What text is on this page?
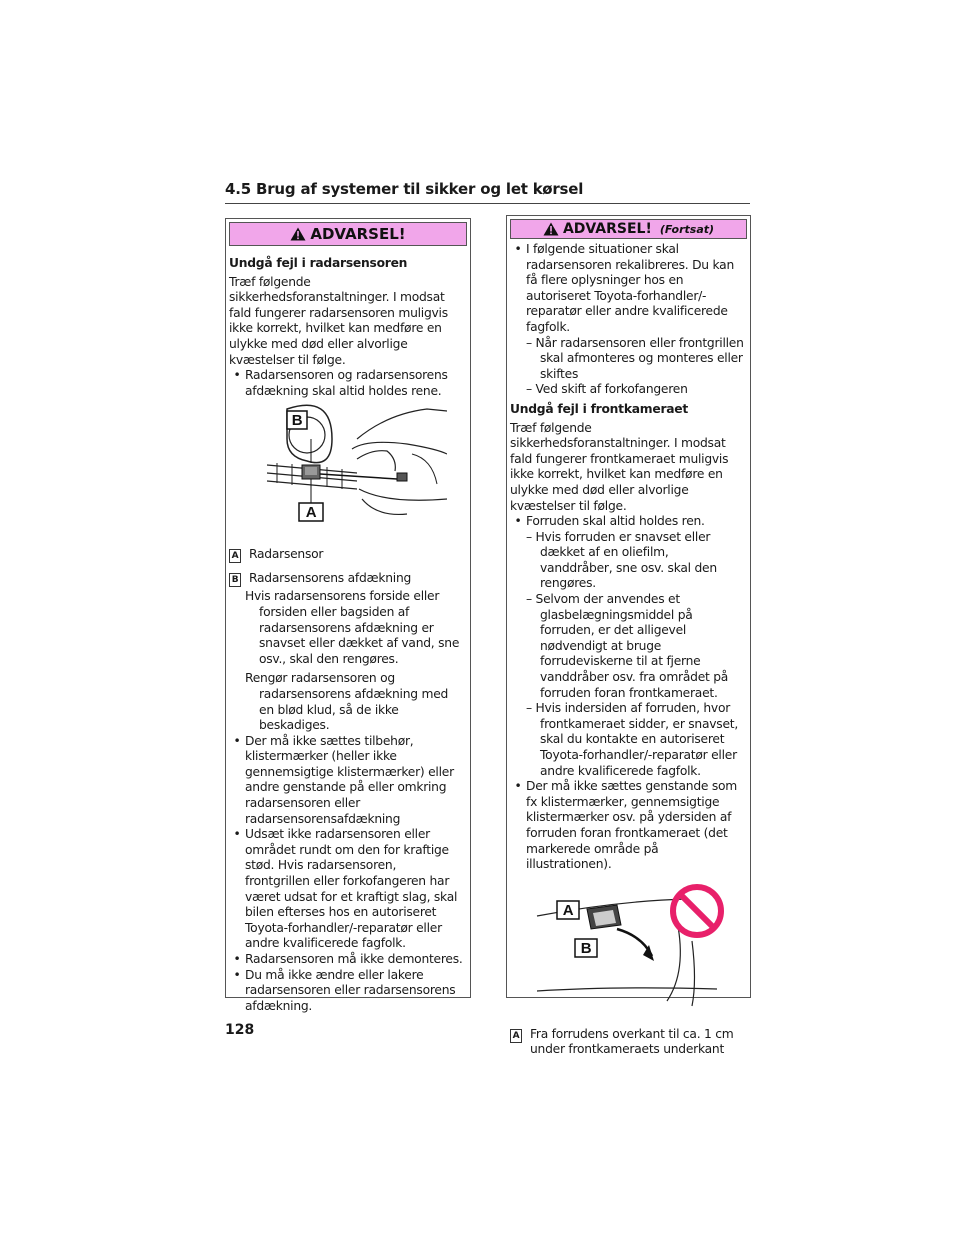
4.5 Brug af systemer til sikker og let kørsel
ADVARSEL!

Undgå fejl i radarsensoren

Træf følgende sikkerhedsforanstaltninger. I modsat fald fungerer radarsensoren muligvis ikke korrekt, hvilket kan medføre en ulykke med død eller alvorlige kvæstelser til følge.

• Radarsensoren og radarsensorens afdækning skal altid holdes rene.

B
A
A Radarsensor
B Radarsensorens afdækning

Hvis radarsensorens forside eller forsiden eller bagsiden af radarsensorens afdækning er snavset eller dækket af vand, sne osv., skal den rengøres.

Rengør radarsensoren og radarsensorens afdækning med en blød klud, så de ikke beskadiges.

• Der må ikke sættes tilbehør, klistermærker (heller ikke gennemsigtige klistermærker) eller andre genstande på eller omkring radarsensoren eller radarsensorensafdækning

• Udsæt ikke radarsensoren eller området rundt om den for kraftige stød. Hvis radarsensoren, frontgrillen eller forkofangeren har været udsat for et kraftigt slag, skal bilen efterses hos en autoriseret Toyota-forhandler/-reparatør eller andre kvalificerede fagfolk.

• Radarsensoren må ikke demonteres.

• Du må ikke ændre eller lakere radarsensoren eller radarsensorens afdækning.

ADVARSEL! (Fortsat)

• I følgende situationer skal radarsensoren rekalibreres. Du kan få flere oplysninger hos en autoriseret Toyota-forhandler/-reparatør eller andre kvalificerede fagfolk.

– Når radarsensoren eller frontgrillen skal afmonteres og monteres eller skiftes

– Ved skift af forkofangeren

Undgå fejl i frontkameraet

Træf følgende sikkerhedsforanstaltninger. I modsat fald fungerer frontkameraet muligvis ikke korrekt, hvilket kan medføre en ulykke med død eller alvorlige kvæstelser til følge.

• Forruden skal altid holdes ren.

– Hvis forruden er snavset eller dækket af en oliefilm, vanddråber, sne osv. skal den rengøres.

– Selvom der anvendes et glasbelægningsmiddel på forruden, er det alligevel nødvendigt at bruge forrudeviskerne til at fjerne vanddråber osv. fra området på forruden foran frontkameraet.

– Hvis indersiden af forruden, hvor frontkameraet sidder, er snavset, skal du kontakte en autoriseret Toyota-forhandler/-reparatør eller andre kvalificerede fagfolk.

• Der må ikke sættes genstande som fx klistermærker, gennemsigtige klistermærker osv. på ydersiden af forruden foran frontkameraet (det markerede område på illustrationen).

A
B
A Fra forrudens overkant til ca. 1 cm under frontkameraets underkant
128
